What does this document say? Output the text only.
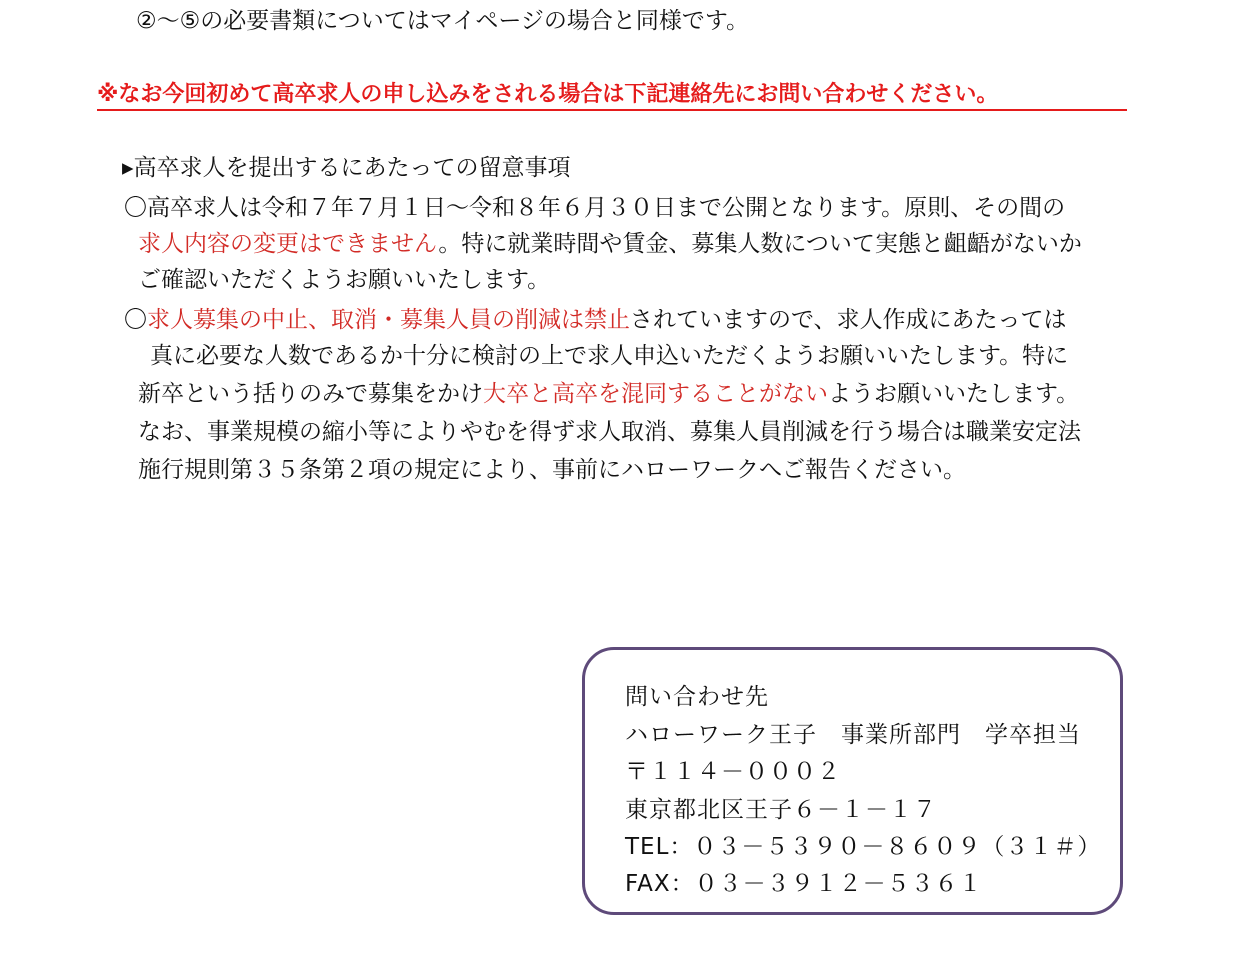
②～⑤の必要書類についてはマイページの場合と同様です。
※なお今回初めて高卒求人の申し込みをされる場合は下記連絡先にお問い合わせください。
▸高卒求人を提出するにあたっての留意事項
〇高卒求人は令和７年７月１日～令和８年６月３０日まで公開となります。原則、その間の
求人内容の変更はできません。特に就業時間や賃金、募集人数について実態と齟齬がないか
ご確認いただくようお願いいたします。
〇求人募集の中止、取消・募集人員の削減は禁止されていますので、求人作成にあたっては
真に必要な人数であるか十分に検討の上で求人申込いただくようお願いいたします。特に
新卒という括りのみで募集をかけ大卒と高卒を混同することがないようお願いいたします。
なお、事業規模の縮小等によりやむを得ず求人取消、募集人員削減を行う場合は職業安定法
施行規則第３５条第２項の規定により、事前にハローワークへご報告ください。
問い合わせ先
ハローワーク王子　事業所部門　学卒担当
〒１１４－０００２
東京都北区王子６－１－１７
TEL：０３－５３９０－８６０９（３１＃）
FAX：０３－３９１２－５３６１
